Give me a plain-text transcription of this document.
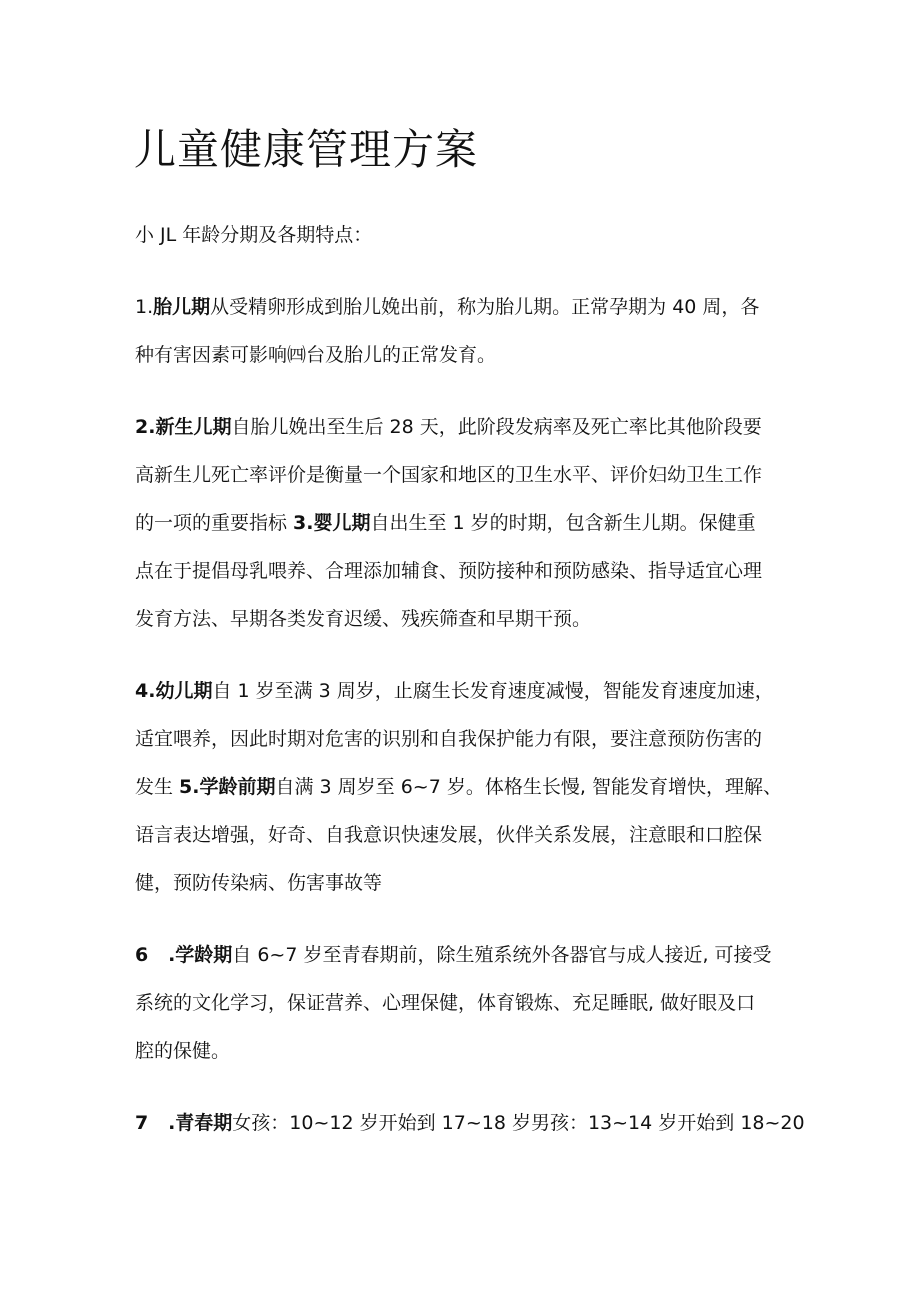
儿童健康管理方案

小 JL 年龄分期及各期特点：

1.胎儿期从受精卵形成到胎儿娩出前，称为胎儿期。正常孕期为 40 周，各

种有害因素可影响㈣台及胎儿的正常发育。

2.新生儿期自胎儿娩出至生后 28 天，此阶段发病率及死亡率比其他阶段要

高新生儿死亡率评价是衡量一个国家和地区的卫生水平、评价妇幼卫生工作

的一项的重要指标 3.婴儿期自出生至 1 岁的时期，包含新生儿期。保健重

点在于提倡母乳喂养、合理添加辅食、预防接种和预防感染、指导适宜心理

发育方法、早期各类发育迟缓、残疾筛查和早期干预。

4.幼儿期自 1 岁至满 3 周岁，止腐生长发育速度减慢，智能发育速度加速，

适宜喂养，因此时期对危害的识别和自我保护能力有限，要注意预防伤害的

发生 5.学龄前期自满 3 周岁至 6~7 岁。体格生长慢, 智能发育增快，理解、

语言表达增强，好奇、自我意识快速发展，伙伴关系发展，注意眼和口腔保

健，预防传染病、伤害事故等

6   .学龄期自 6~7 岁至青春期前，除生殖系统外各器官与成人接近, 可接受

系统的文化学习，保证营养、心理保健，体育锻炼、充足睡眠, 做好眼及口

腔的保健。

7   .青春期女孩：10~12 岁开始到 17~18 岁男孩：13~14 岁开始到 18~20
